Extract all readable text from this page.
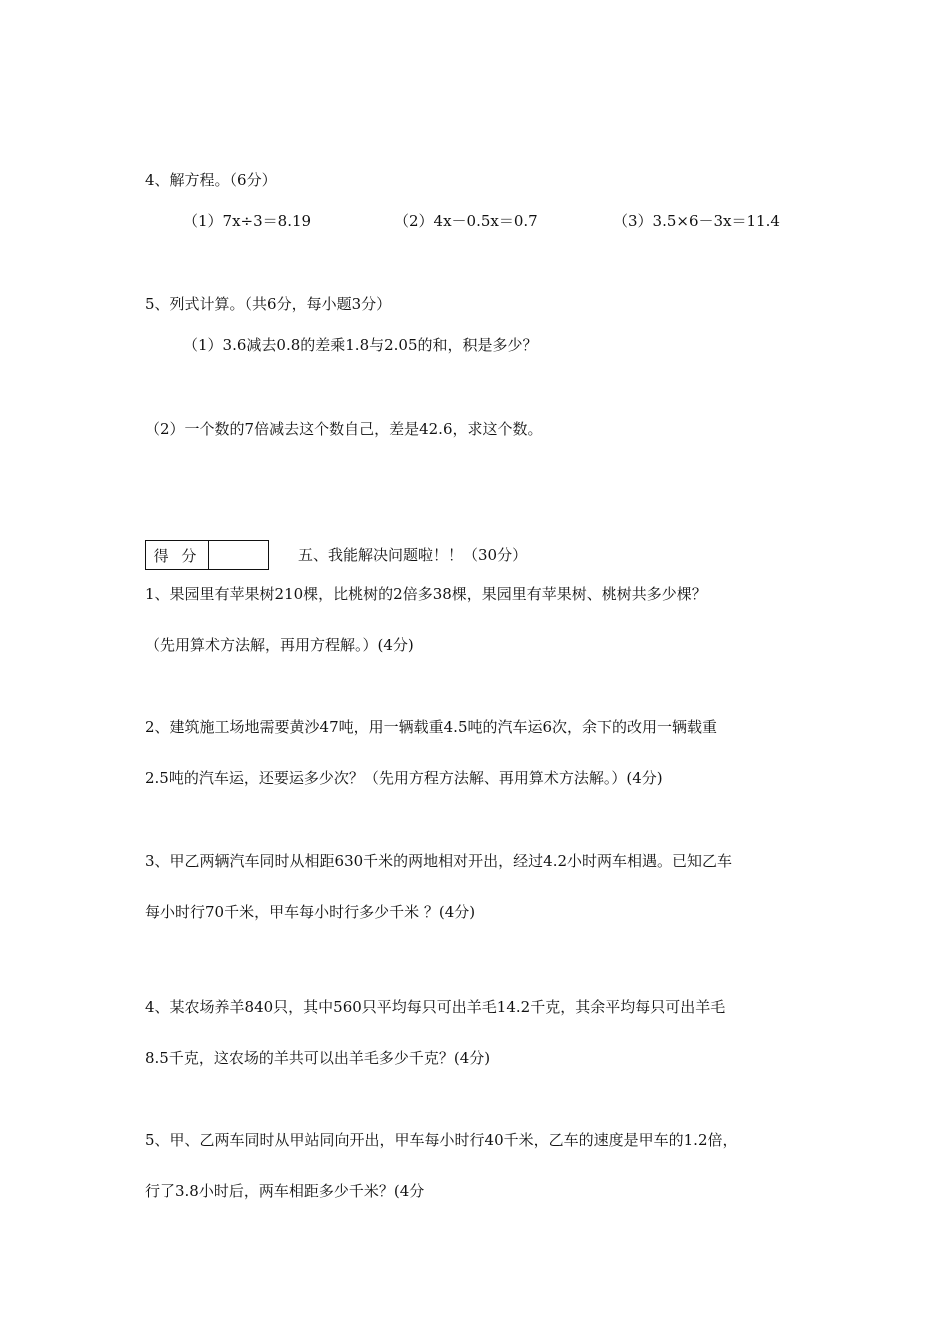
4、解方程。（6分）
（1）7x÷3＝8.19	（2）4x－0.5x＝0.7	（3）3.5×6－3x＝11.4
5、列式计算。（共6分，每小题3分）
（1）3.6减去0.8的差乘1.8与2.05的和，积是多少？
（2）一个数的7倍减去这个数自己，差是42.6，求这个数。
得 分	五、我能解决问题啦！！（30分）
1、果园里有苹果树210棵，比桃树的2倍多38棵，果园里有苹果树、桃树共多少棵？
（先用算术方法解，再用方程解。）(4分)
2、建筑施工场地需要黄沙47吨，用一辆载重4.5吨的汽车运6次，余下的改用一辆载重
2.5吨的汽车运，还要运多少次？（先用方程方法解、再用算术方法解。）(4分)
3、甲乙两辆汽车同时从相距630千米的两地相对开出，经过4.2小时两车相遇。已知乙车
每小时行70千米，甲车每小时行多少千米 ？(4分)
4、某农场养羊840只，其中560只平均每只可出羊毛14.2千克，其余平均每只可出羊毛
8.5千克，这农场的羊共可以出羊毛多少千克？(4分)
5、甲、乙两车同时从甲站同向开出，甲车每小时行40千米，乙车的速度是甲车的1.2倍，
行了3.8小时后，两车相距多少千米？(4分
